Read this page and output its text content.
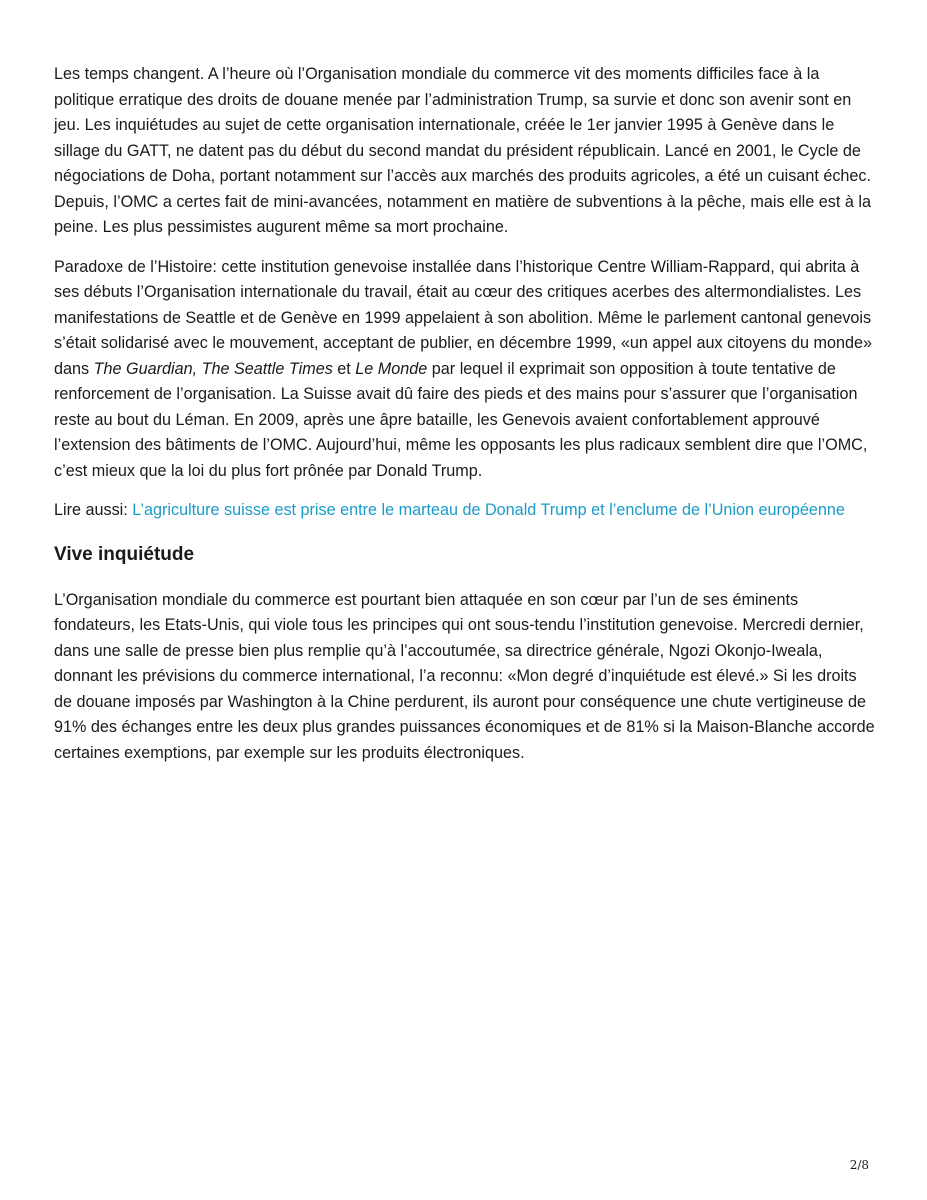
Les temps changent. A l’heure où l’Organisation mondiale du commerce vit des moments difficiles face à la politique erratique des droits de douane menée par l’administration Trump, sa survie et donc son avenir sont en jeu. Les inquiétudes au sujet de cette organisation internationale, créée le 1er janvier 1995 à Genève dans le sillage du GATT, ne datent pas du début du second mandat du président républicain. Lancé en 2001, le Cycle de négociations de Doha, portant notamment sur l’accès aux marchés des produits agricoles, a été un cuisant échec. Depuis, l’OMC a certes fait de mini-avancées, notamment en matière de subventions à la pêche, mais elle est à la peine. Les plus pessimistes augurent même sa mort prochaine.

Paradoxe de l’Histoire: cette institution genevoise installée dans l’historique Centre William-Rappard, qui abrita à ses débuts l’Organisation internationale du travail, était au cœur des critiques acerbes des altermondialistes. Les manifestations de Seattle et de Genève en 1999 appelaient à son abolition. Même le parlement cantonal genevois s’était solidarisé avec le mouvement, acceptant de publier, en décembre 1999, «un appel aux citoyens du monde» dans The Guardian, The Seattle Times et Le Monde par lequel il exprimait son opposition à toute tentative de renforcement de l’organisation. La Suisse avait dû faire des pieds et des mains pour s’assurer que l’organisation reste au bout du Léman. En 2009, après une âpre bataille, les Genevois avaient confortablement approuvé l’extension des bâtiments de l’OMC. Aujourd’hui, même les opposants les plus radicaux semblent dire que l’OMC, c’est mieux que la loi du plus fort prônée par Donald Trump.

Lire aussi: L’agriculture suisse est prise entre le marteau de Donald Trump et l’enclume de l’Union européenne

Vive inquiétude

L’Organisation mondiale du commerce est pourtant bien attaquée en son cœur par l’un de ses éminents fondateurs, les Etats-Unis, qui viole tous les principes qui ont sous-tendu l’institution genevoise. Mercredi dernier, dans une salle de presse bien plus remplie qu’à l’accoutumée, sa directrice générale, Ngozi Okonjo-Iweala, donnant les prévisions du commerce international, l’a reconnu: «Mon degré d’inquiétude est élevé.» Si les droits de douane imposés par Washington à la Chine perdurent, ils auront pour conséquence une chute vertigineuse de 91% des échanges entre les deux plus grandes puissances économiques et de 81% si la Maison-Blanche accorde certaines exemptions, par exemple sur les produits électroniques.

2/8
